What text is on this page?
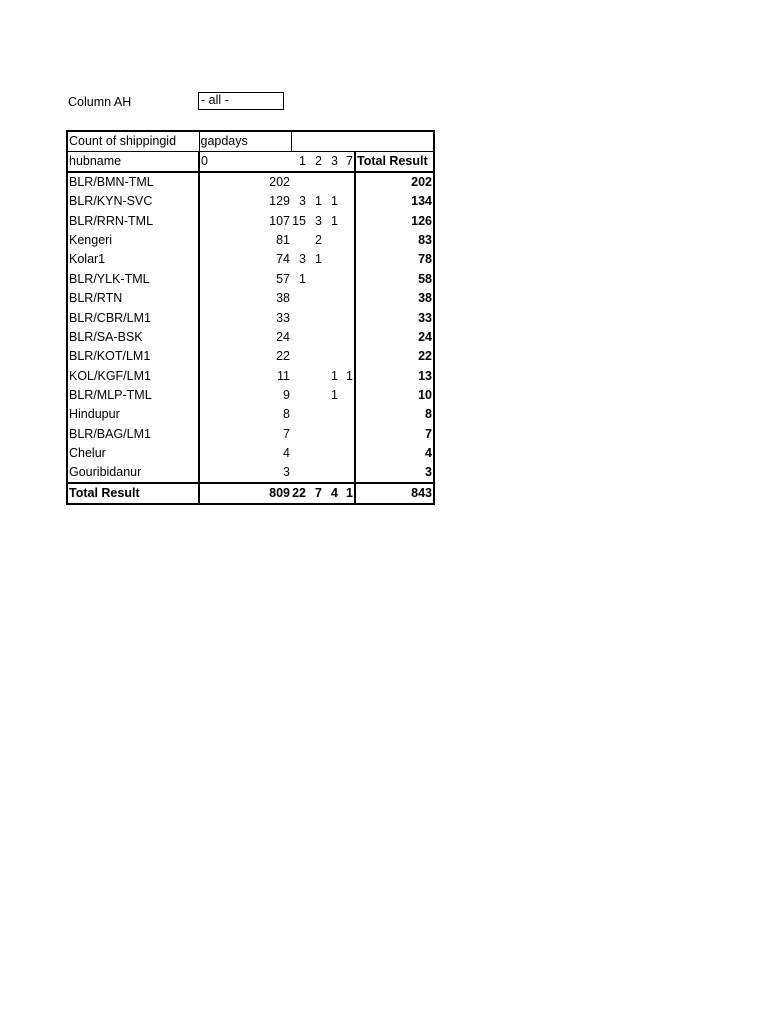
Column AH	- all -
Count of shippingid	gapdays					
hubname	0	1	2	3	7	Total Result
BLR/BMN-TML	202					202
BLR/KYN-SVC	129	3	1	1		134
BLR/RRN-TML	107	15	3	1		126
Kengeri	81		2			83
Kolar1	74	3	1			78
BLR/YLK-TML	57	1				58
BLR/RTN	38					38
BLR/CBR/LM1	33					33
BLR/SA-BSK	24					24
BLR/KOT/LM1	22					22
KOL/KGF/LM1	11			1	1	13
BLR/MLP-TML	9			1		10
Hindupur	8					8
BLR/BAG/LM1	7					7
Chelur	4					4
Gouribidanur	3					3
Total Result	809	22	7	4	1	843
